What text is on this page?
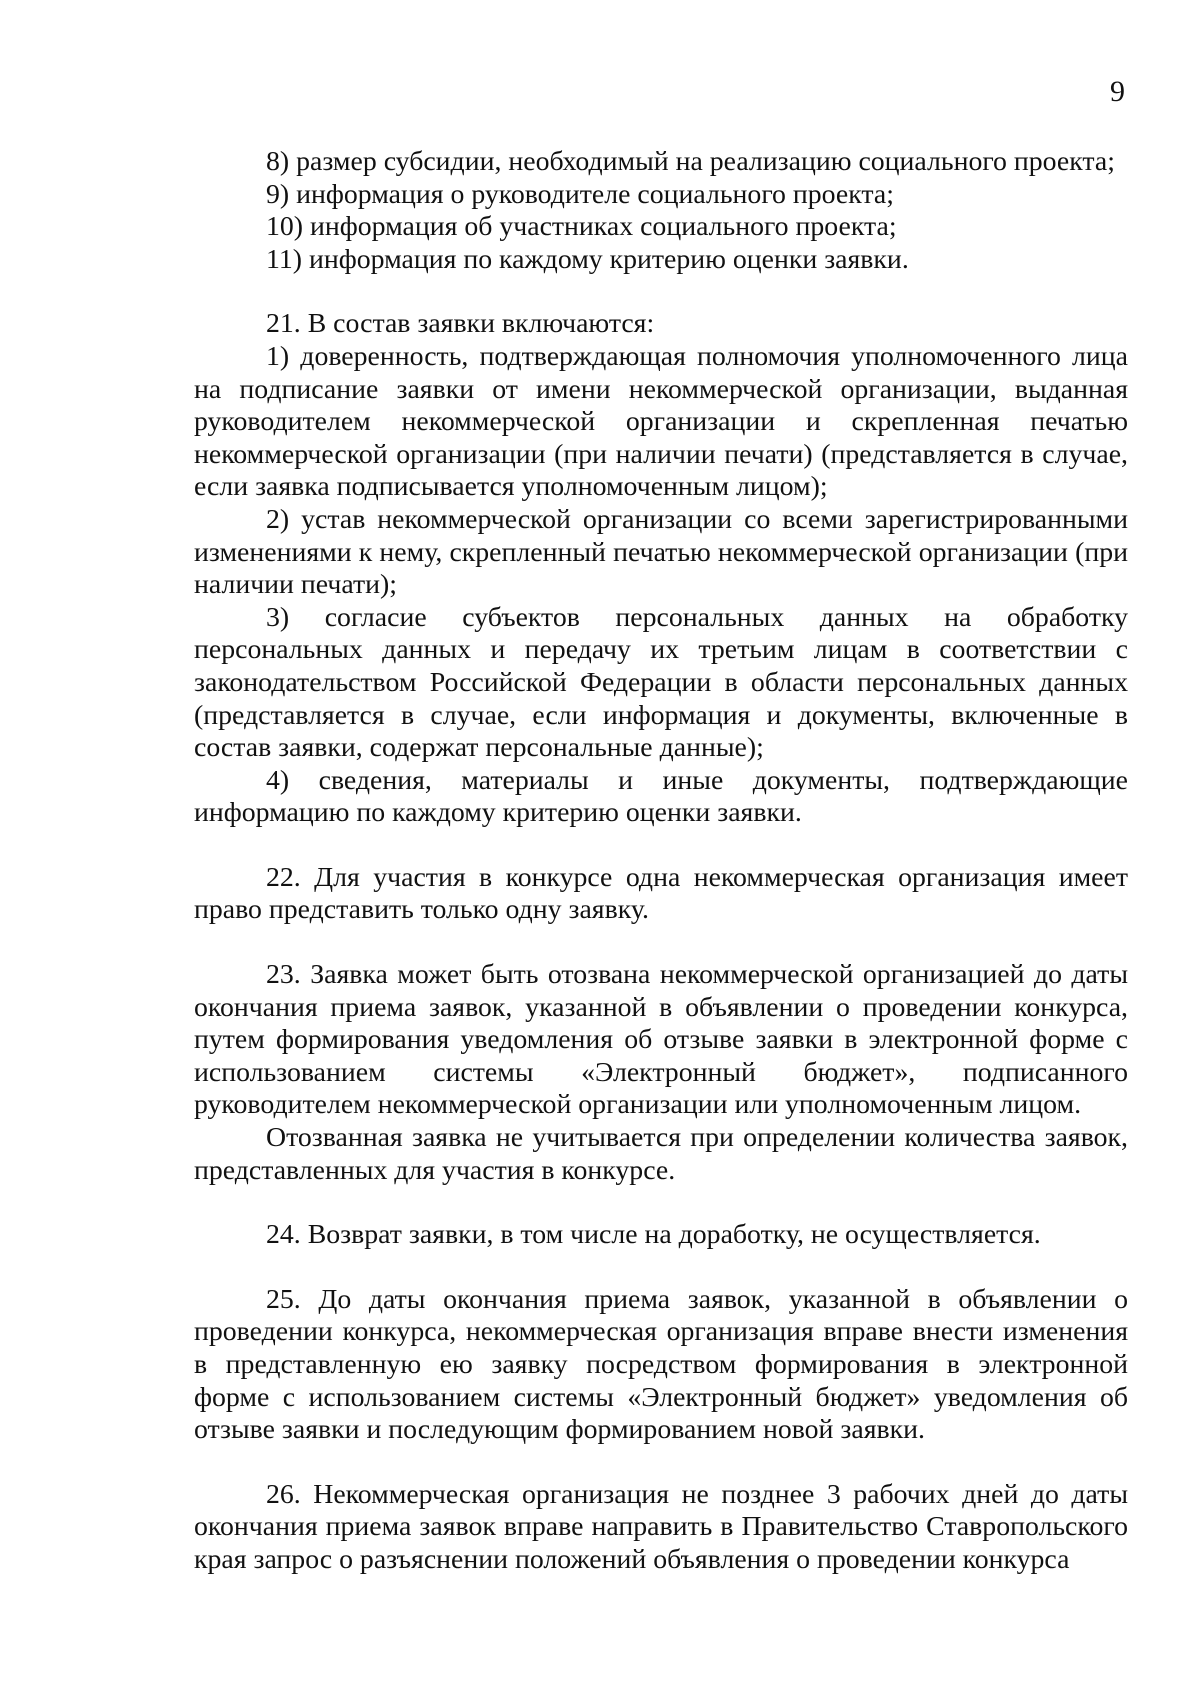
9

8) размер субсидии, необходимый на реализацию социального проекта;

9) информация о руководителе социального проекта;

10) информация об участниках социального проекта;

11) информация по каждому критерию оценки заявки.

21. В состав заявки включаются:

1) доверенность, подтверждающая полномочия уполномоченного лица на подписание заявки от имени некоммерческой организации, выданная руководителем некоммерческой организации и скрепленная печатью некоммерческой организации (при наличии печати) (представляется в случае, если заявка подписывается уполномоченным лицом);

2) устав некоммерческой организации со всеми зарегистрированными изменениями к нему, скрепленный печатью некоммерческой организации (при наличии печати);

3) согласие субъектов персональных данных на обработку персональных данных и передачу их третьим лицам в соответствии с законодательством Российской Федерации в области персональных данных (представляется в случае, если информация и документы, включенные в состав заявки, содержат персональные данные);

4) сведения, материалы и иные документы, подтверждающие информацию по каждому критерию оценки заявки.

22. Для участия в конкурсе одна некоммерческая организация имеет право представить только одну заявку.

23. Заявка может быть отозвана некоммерческой организацией до даты окончания приема заявок, указанной в объявлении о проведении конкурса, путем формирования уведомления об отзыве заявки в электронной форме с использованием системы «Электронный бюджет», подписанного руководителем некоммерческой организации или уполномоченным лицом.

Отозванная заявка не учитывается при определении количества заявок, представленных для участия в конкурсе.

24. Возврат заявки, в том числе на доработку, не осуществляется.

25. До даты окончания приема заявок, указанной в объявлении о проведении конкурса, некоммерческая организация вправе внести изменения в представленную ею заявку посредством формирования в электронной форме с использованием системы «Электронный бюджет» уведомления об отзыве заявки и последующим формированием новой заявки.

26. Некоммерческая организация не позднее 3 рабочих дней до даты окончания приема заявок вправе направить в Правительство Ставропольского края запрос о разъяснении положений объявления о проведении конкурса
